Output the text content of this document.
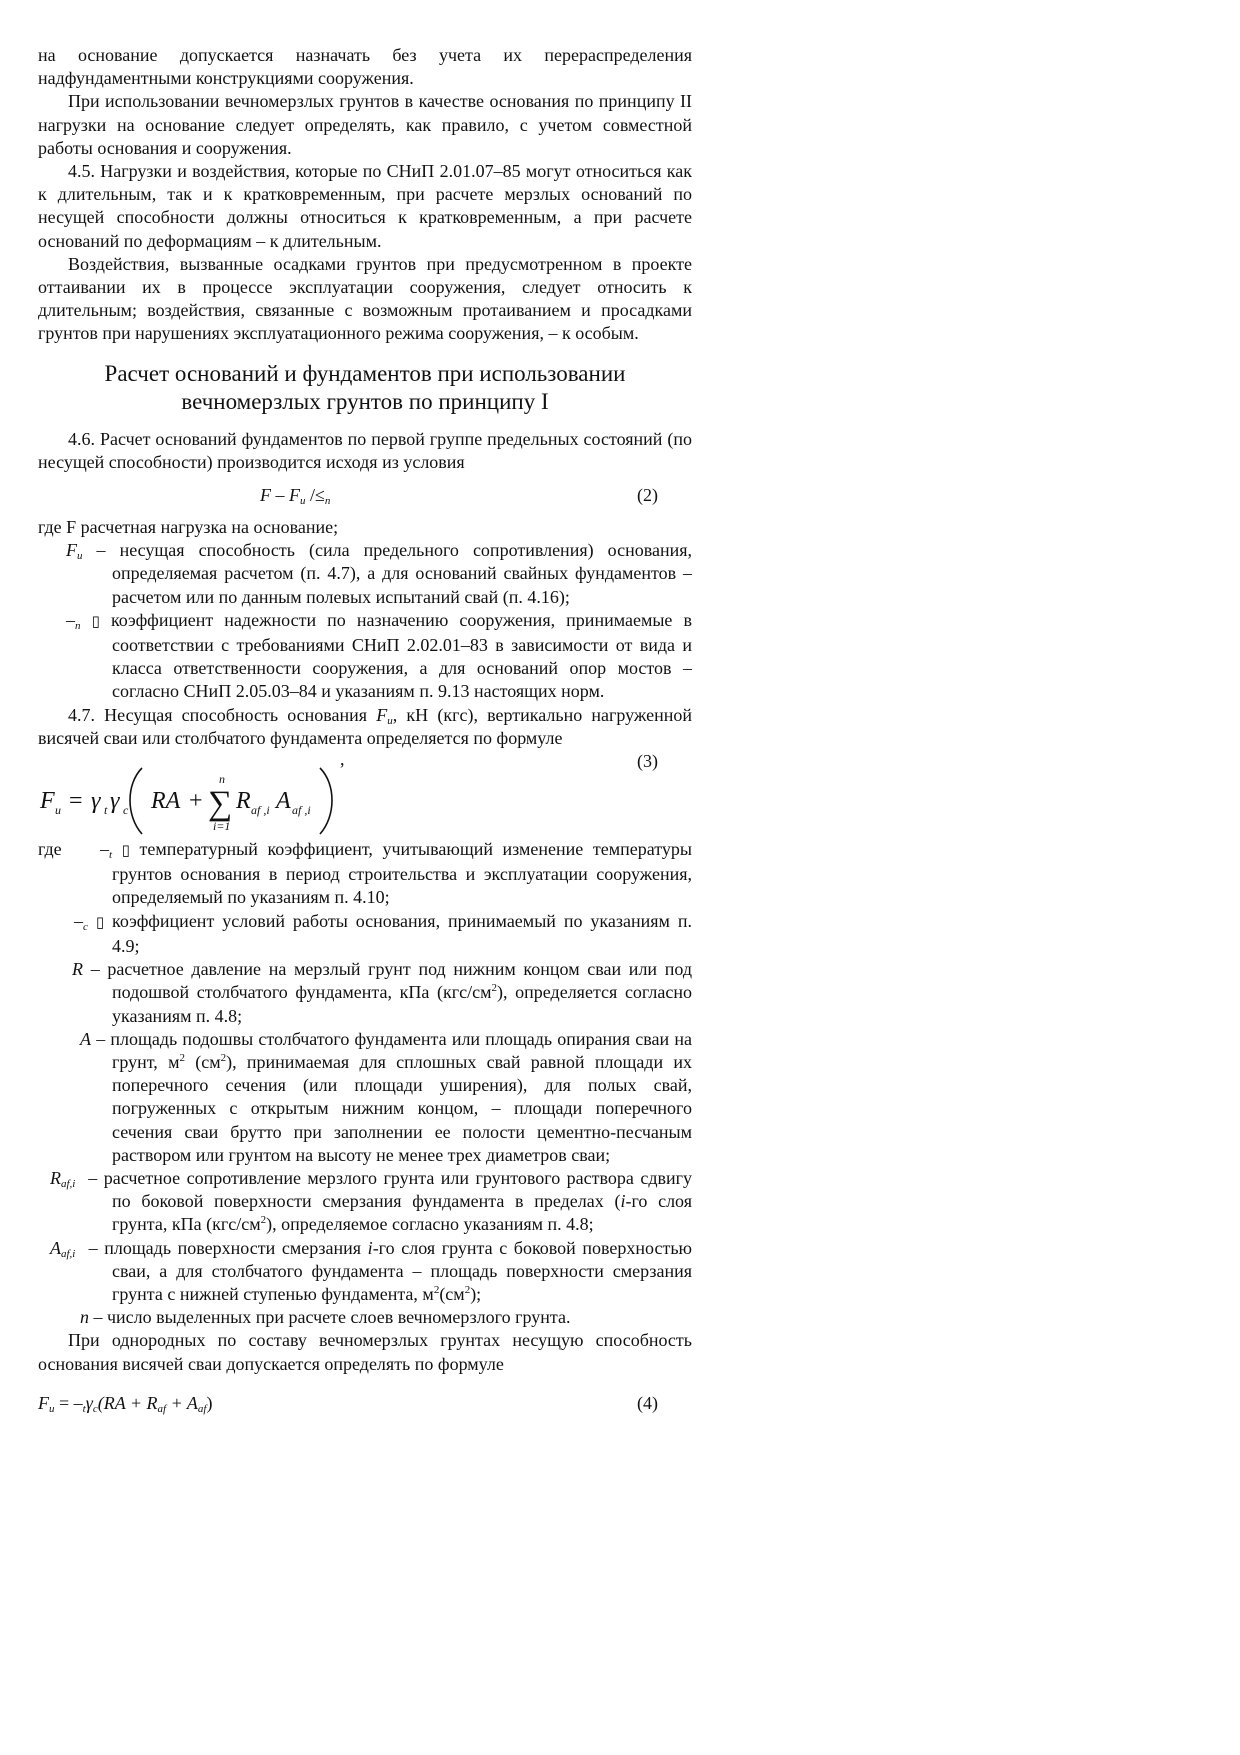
на основание допускается назначать без учета их перераспределения надфундаментными конструкциями сооружения.

При использовании вечномерзлых грунтов в качестве основания по принципу II нагрузки на основание следует определять, как правило, с учетом совместной работы основания и сооружения.

4.5. Нагрузки и воздействия, которые по СНиП 2.01.07–85 могут относиться как к длительным, так и к кратковременным, при расчете мерзлых оснований по несущей способности должны относиться к кратковременным, а при расчете оснований по деформациям – к длительным.

Воздействия, вызванные осадками грунтов при предусмотренном в проекте оттаивании их в процессе эксплуатации сооружения, следует относить к длительным; воздействия, связанные с возможным протаиванием и просадками грунтов при нарушениях эксплуатационного режима сооружения, – к особым.

Расчет оснований и фундаментов при использовании
вечномерзлых грунтов по принципу I

4.6. Расчет оснований фундаментов по первой группе предельных состояний (по несущей способности) производится исходя из условия

F – $F_u$ $/\le_n$	(2)

где F расчетная нагрузка на основание;

$F_u$ – несущая способность (сила предельного сопротивления) основания, определяемая расчетом (п. 4.7), а для оснований свайных фундаментов – расчетом или по данным полевых испытаний свай (п. 4.16);

$-_n$ ▯ коэффициент надежности по назначению сооружения, принимаемые в соответствии с требованиями СНиП 2.02.01–83 в зависимости от вида и класса ответственности сооружения, а для оснований опор мостов – согласно СНиП 2.05.03–84 и указаниям п. 9.13 настоящих норм.

4.7. Несущая способность основания $F_u$, кН (кгс), вертикально нагруженной висячей сваи или столбчатого фундамента определяется по формуле

F u = γ t γ c RA + ∑
n
i=1
R af ,i A af ,i
,	(3)

где $-_t$ ▯ температурный коэффициент, учитывающий изменение температуры грунтов основания в период строительства и эксплуатации сооружения, определяемый по указаниям п. 4.10;

$-_c$ ▯ коэффициент условий работы основания, принимаемый по указаниям п. 4.9;

R – расчетное давление на мерзлый грунт под нижним концом сваи или под подошвой столбчатого фундамента, кПа $(кгс/см^2)$, определяется согласно указаниям п. 4.8;

A – площадь подошвы столбчатого фундамента или площадь опирания сваи на грунт, $м^2$ $(см^2)$, принимаемая для сплошных свай равной площади их поперечного сечения (или площади уширения), для полых свай, погруженных с открытым нижним концом, – площади поперечного сечения сваи брутто при заполнении ее полости цементно-песчаным раствором или грунтом на высоту не менее трех диаметров сваи;

$R_{af,i}$ – расчетное сопротивление мерзлого грунта или грунтового раствора сдвигу по боковой поверхности смерзания фундамента в пределах (i-го слоя грунта, кПа $(кгс/см^2)$, определяемое согласно указаниям п. 4.8;

$A_{af,i}$ – площадь поверхности смерзания i-го слоя грунта с боковой поверхностью сваи, а для столбчатого фундамента – площадь поверхности смерзания грунта с нижней ступенью фундамента, $м^2(см^2)$;

n – число выделенных при расчете слоев вечномерзлого грунта.

При однородных по составу вечномерзлых грунтах несущую способность основания висячей сваи допускается определять по формуле

$F_u = -_t\gamma_c(RA + R_{af} + A_{af})$	(4)
